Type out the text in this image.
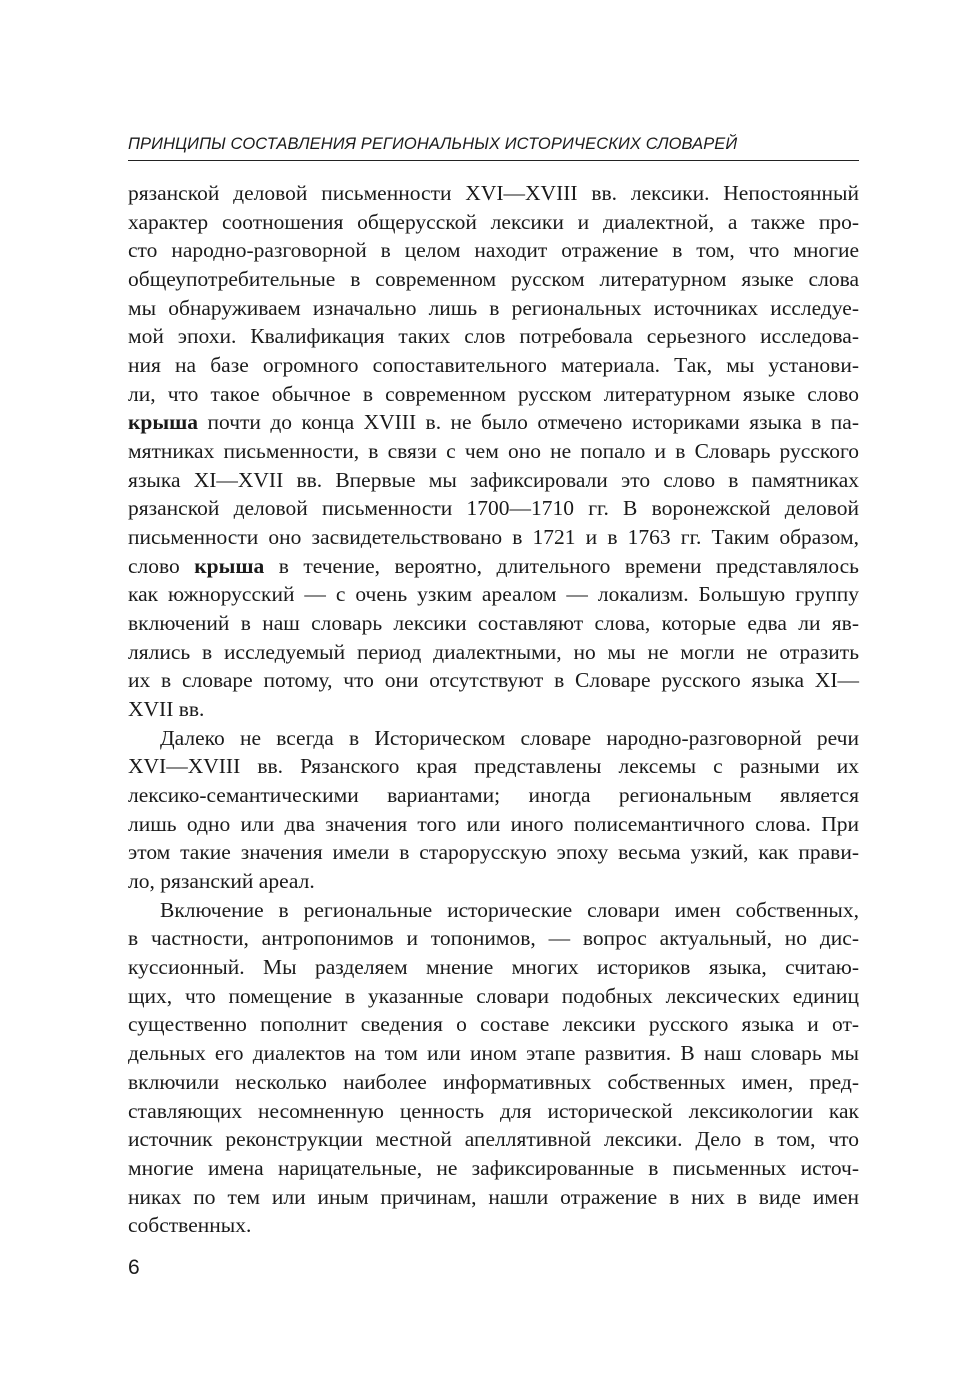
ПРИНЦИПЫ СОСТАВЛЕНИЯ РЕГИОНАЛЬНЫХ ИСТОРИЧЕСКИХ СЛОВАРЕЙ
рязанской деловой письменности XVI—XVIII вв. лексики. Непостоянный
характер соотношения общерусской лексики и диалектной, а также про-
сто народно-разговорной в целом находит отражение в том, что многие
общеупотребительные в современном русском литературном языке слова
мы обнаруживаем изначально лишь в региональных источниках исследуе-
мой эпохи. Квалификация таких слов потребовала серьезного исследова-
ния на базе огромного сопоставительного материала. Так, мы установи-
ли, что такое обычное в современном русском литературном языке слово
крыша почти до конца XVIII в. не было отмечено историками языка в па-
мятниках письменности, в связи с чем оно не попало и в Словарь русского
языка XI—XVII вв. Впервые мы зафиксировали это слово в памятниках
рязанской деловой письменности 1700—1710 гг. В воронежской деловой
письменности оно засвидетельствовано в 1721 и в 1763 гг. Таким образом,
слово крыша в течение, вероятно, длительного времени представлялось
как южнорусский — с очень узким ареалом — локализм. Большую группу
включений в наш словарь лексики составляют слова, которые едва ли яв-
лялись в исследуемый период диалектными, но мы не могли не отразить
их в словаре потому, что они отсутствуют в Словаре русского языка XI—
XVII вв.
Далеко не всегда в Историческом словаре народно-разговорной речи
XVI—XVIII вв. Рязанского края представлены лексемы с разными их
лексико-семантическими вариантами; иногда региональным является
лишь одно или два значения того или иного полисемантичного слова. При
этом такие значения имели в старорусскую эпоху весьма узкий, как прави-
ло, рязанский ареал.
Включение в региональные исторические словари имен собственных,
в частности, антропонимов и топонимов, — вопрос актуальный, но дис-
куссионный. Мы разделяем мнение многих историков языка, считаю-
щих, что помещение в указанные словари подобных лексических единиц
существенно пополнит сведения о составе лексики русского языка и от-
дельных его диалектов на том или ином этапе развития. В наш словарь мы
включили несколько наиболее информативных собственных имен, пред-
ставляющих несомненную ценность для исторической лексикологии как
источник реконструкции местной апеллятивной лексики. Дело в том, что
многие имена нарицательные, не зафиксированные в письменных источ-
никах по тем или иным причинам, нашли отражение в них в виде имен
собственных.
6
